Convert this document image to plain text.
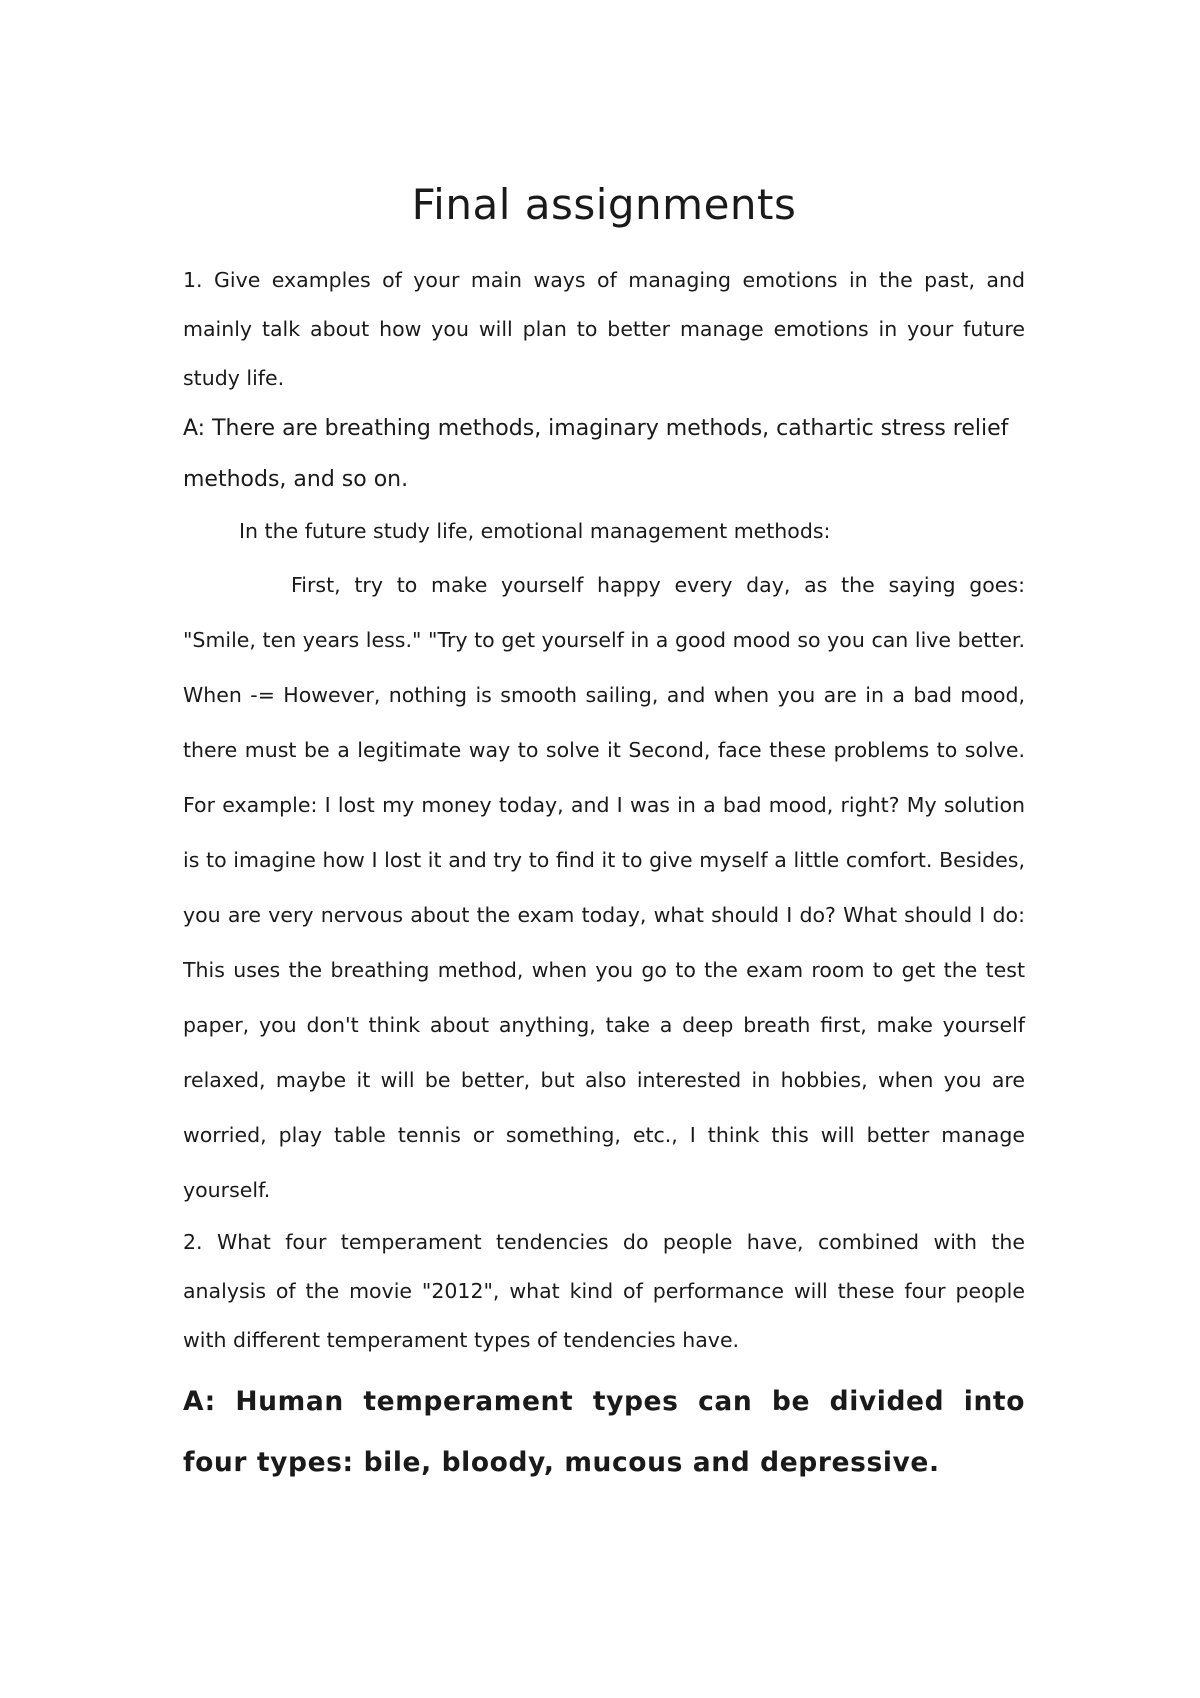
Final assignments

1. Give examples of your main ways of managing emotions in the past, and mainly talk about how you will plan to better manage emotions in your future study life.

A: There are breathing methods, imaginary methods, cathartic stress relief methods, and so on.

In the future study life, emotional management methods:

First, try to make yourself happy every day, as the saying goes: "Smile, ten years less." "Try to get yourself in a good mood so you can live better. When -= However, nothing is smooth sailing, and when you are in a bad mood, there must be a legitimate way to solve it Second, face these problems to solve. For example: I lost my money today, and I was in a bad mood, right? My solution is to imagine how I lost it and try to find it to give myself a little comfort. Besides, you are very nervous about the exam today, what should I do? What should I do: This uses the breathing method, when you go to the exam room to get the test paper, you don't think about anything, take a deep breath first, make yourself relaxed, maybe it will be better, but also interested in hobbies, when you are worried, play table tennis or something, etc., I think this will better manage yourself.

2. What four temperament tendencies do people have, combined with the analysis of the movie "2012", what kind of performance will these four people with different temperament types of tendencies have.

A: Human temperament types can be divided into four types: bile, bloody, mucous and depressive.
